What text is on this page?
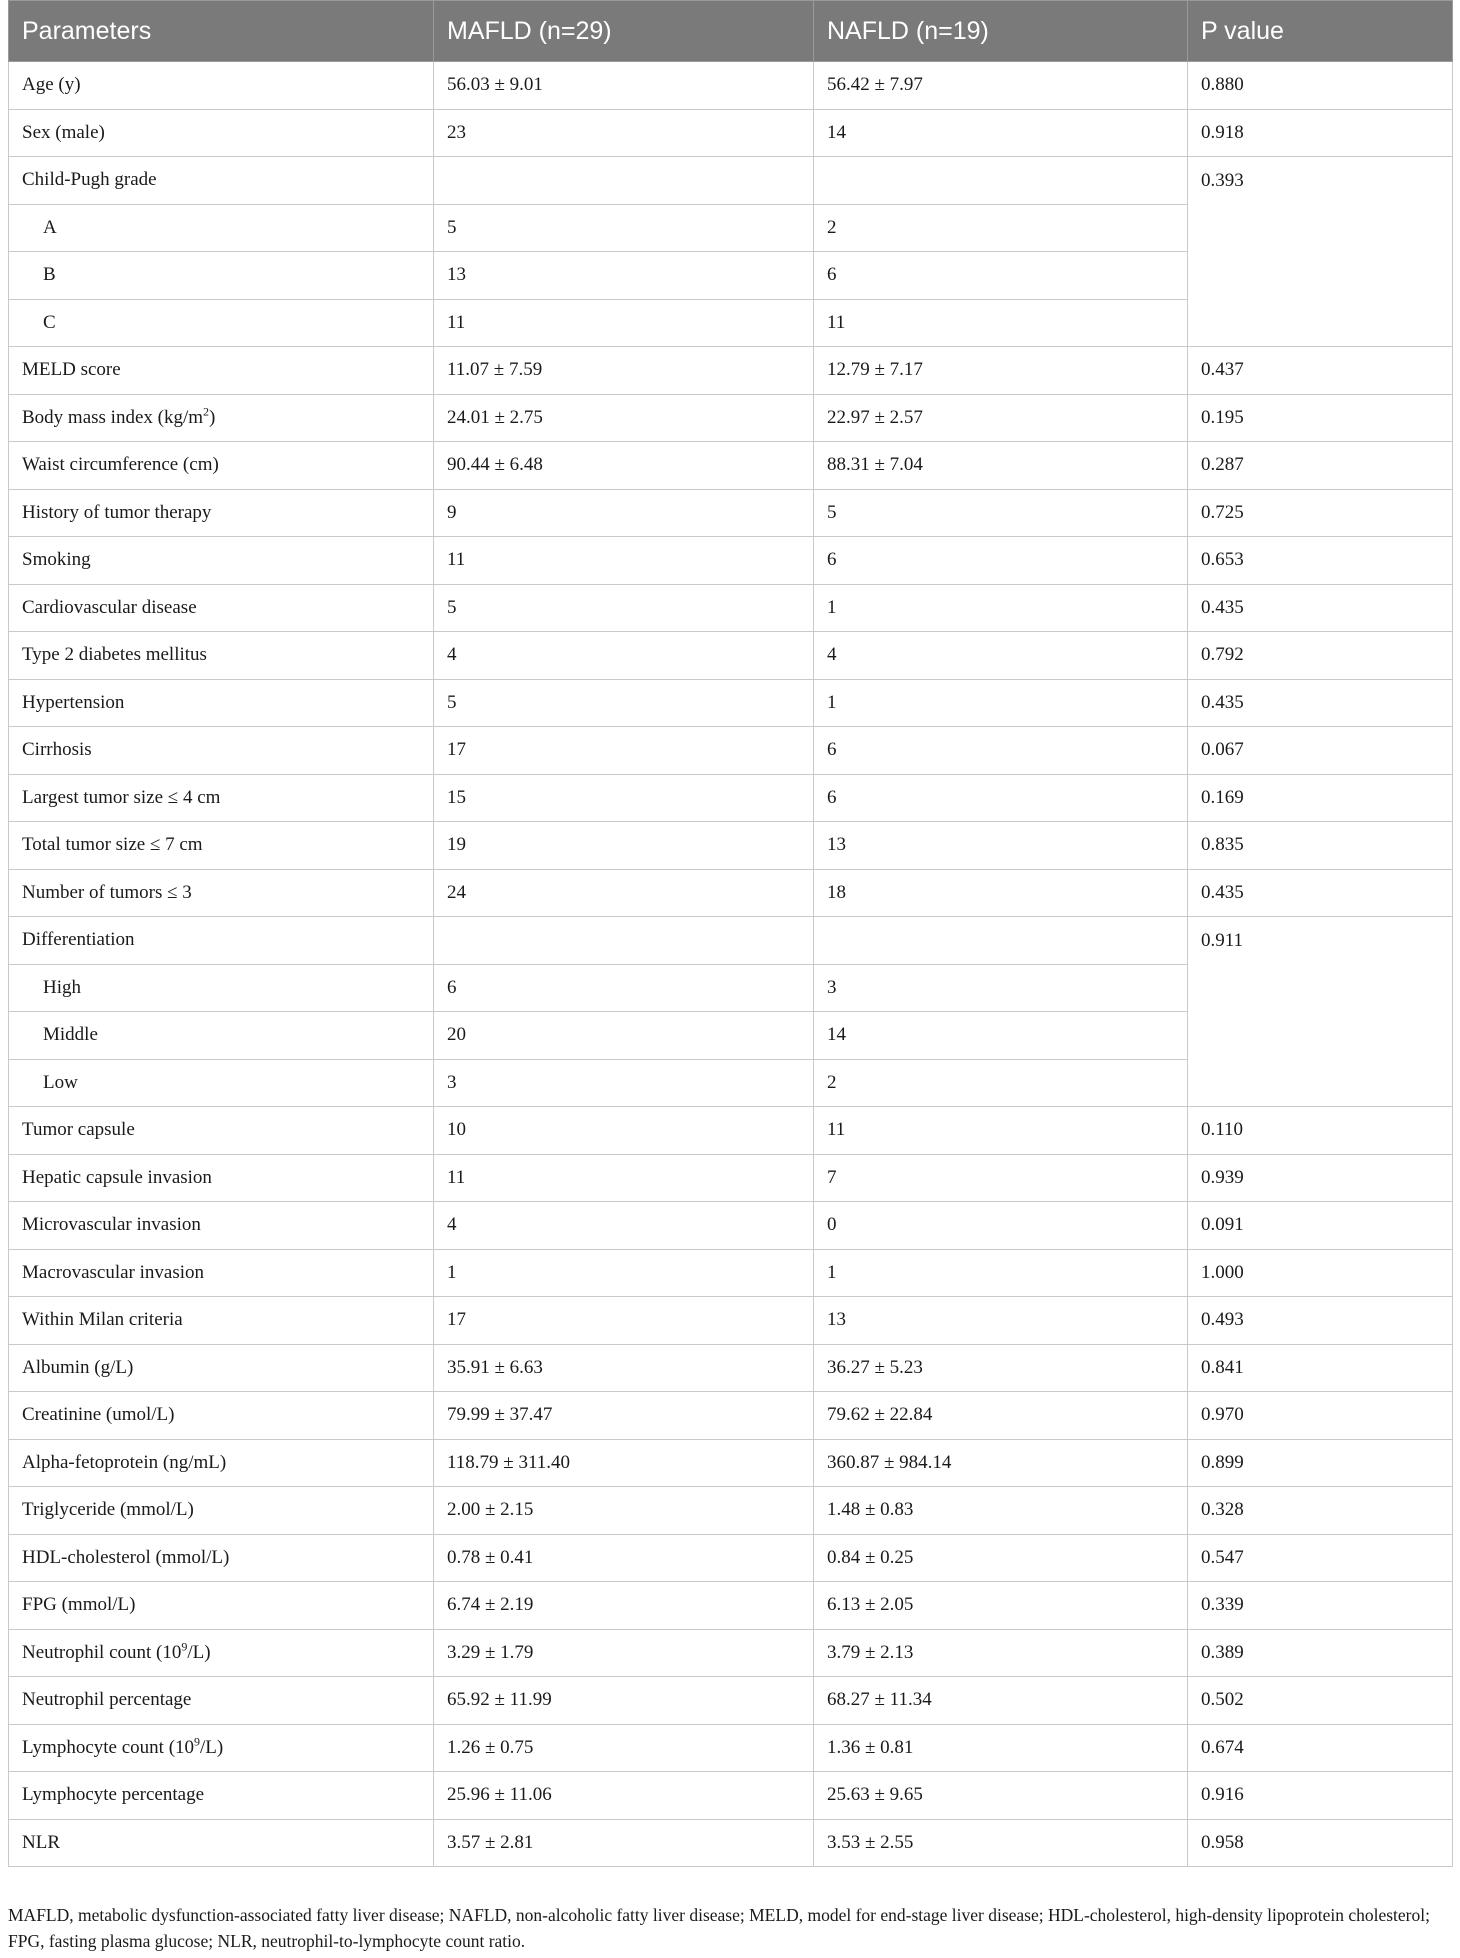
Parameters	MAFLD (n=29)	NAFLD (n=19)	P value
Age (y)	56.03 ± 9.01	56.42 ± 7.97	0.880
Sex (male)	23	14	0.918
Child-Pugh grade			0.393
A	5	2	
B	13	6	
C	11	11	
MELD score	11.07 ± 7.59	12.79 ± 7.17	0.437
Body mass index $(kg/m^2)$	24.01 ± 2.75	22.97 ± 2.57	0.195
Waist circumference (cm)	90.44 ± 6.48	88.31 ± 7.04	0.287
History of tumor therapy	9	5	0.725
Smoking	11	6	0.653
Cardiovascular disease	5	1	0.435
Type 2 diabetes mellitus	4	4	0.792
Hypertension	5	1	0.435
Cirrhosis	17	6	0.067
Largest tumor size ≤ 4 cm	15	6	0.169
Total tumor size ≤ 7 cm	19	13	0.835
Number of tumors ≤ 3	24	18	0.435
Differentiation			0.911
High	6	3	
Middle	20	14	
Low	3	2	
Tumor capsule	10	11	0.110
Hepatic capsule invasion	11	7	0.939
Microvascular invasion	4	0	0.091
Macrovascular invasion	1	1	1.000
Within Milan criteria	17	13	0.493
Albumin (g/L)	35.91 ± 6.63	36.27 ± 5.23	0.841
Creatinine (umol/L)	79.99 ± 37.47	79.62 ± 22.84	0.970
Alpha-fetoprotein (ng/mL)	118.79 ± 311.40	360.87 ± 984.14	0.899
Triglyceride (mmol/L)	2.00 ± 2.15	1.48 ± 0.83	0.328
HDL-cholesterol (mmol/L)	0.78 ± 0.41	0.84 ± 0.25	0.547
FPG (mmol/L)	6.74 ± 2.19	6.13 ± 2.05	0.339
Neutrophil count $(10^9/L)$	3.29 ± 1.79	3.79 ± 2.13	0.389
Neutrophil percentage	65.92 ± 11.99	68.27 ± 11.34	0.502
Lymphocyte count $(10^9/L)$	1.26 ± 0.75	1.36 ± 0.81	0.674
Lymphocyte percentage	25.96 ± 11.06	25.63 ± 9.65	0.916
NLR	3.57 ± 2.81	3.53 ± 2.55	0.958
MAFLD, metabolic dysfunction-associated fatty liver disease; NAFLD, non-alcoholic fatty liver disease; MELD, model for end-stage liver disease; HDL-cholesterol, high-density lipoprotein cholesterol; FPG, fasting plasma glucose; NLR, neutrophil-to-lymphocyte count ratio.
